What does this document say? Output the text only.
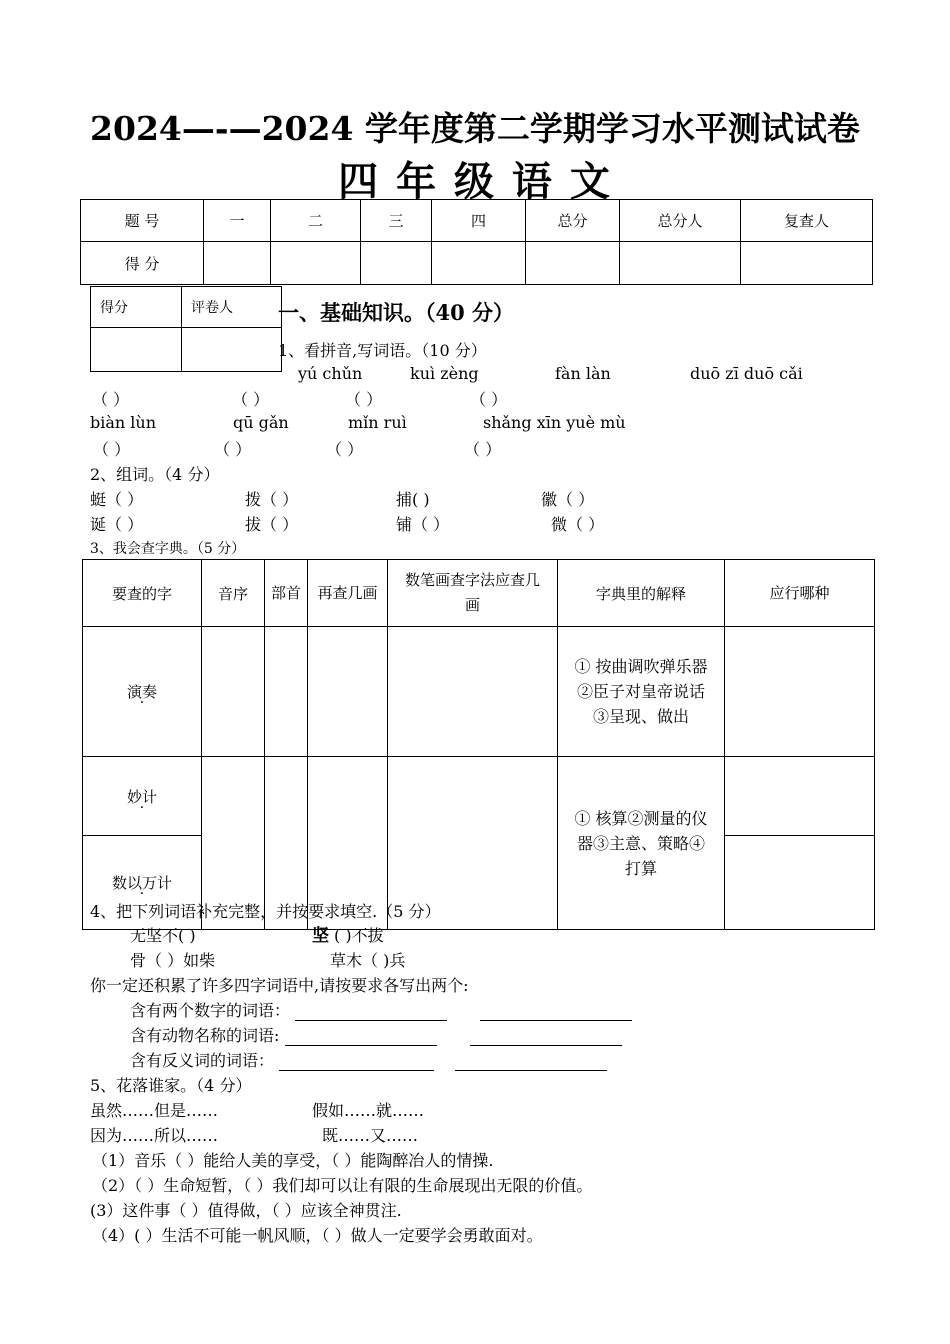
2024—-—2024 学年度第二学期学习水平测试试卷
四 年 级 语 文
题 号	一	二	三	四	总分	总分人	复查人
得 分							
得分	评卷人
	一、基础知识。（40 分）
1、看拼音,写词语。（10 分）
yú chǔn	kuì zèng	fàn làn	duō zī duō cǎi
（ ）	（ ）	（ ）	（ ）
biàn lùn	qū gǎn	mǐn ruì	shǎng xīn yuè mù
（ ）	（ ）	（ ）	（ ）
2、组词。（4 分）
蜓（ ）	拨（ ）	捕( )	徽（ ）
诞（ ）	拔（ ）	铺（ ）	微（ ）
3、我会查字典。（5 分）
要查的字	音序	部首	再查几画	数笔画查字法应查几画	字典里的解释	应行哪种
演奏					① 按曲调吹弹乐器②臣子对皇帝说话③呈现、做出	
妙计					① 核算②测量的仪器③主意、策略④打算	
数以万计	
4、把下列词语补充完整，并按要求填空.（5 分）
无坚不( )	坚 ( )不拔
骨（ ）如柴	草木（ )兵
你一定还积累了许多四字词语中,请按要求各写出两个:
含有两个数字的词语：
含有动物名称的词语:
含有反义词的词语：
5、花落谁家。（4 分）
虽然……但是……	假如……就……
因为……所以……	既……又……
（1）音乐（ ）能给人美的享受，（ ）能陶醉冶人的情操.
（2）（ ）生命短暂，（ ）我们却可以让有限的生命展现出无限的价值。
(3）这件事（ ）值得做，（ ）应该全神贯注.
（4）( ）生活不可能一帆风顺，（ ）做人一定要学会勇敢面对。
